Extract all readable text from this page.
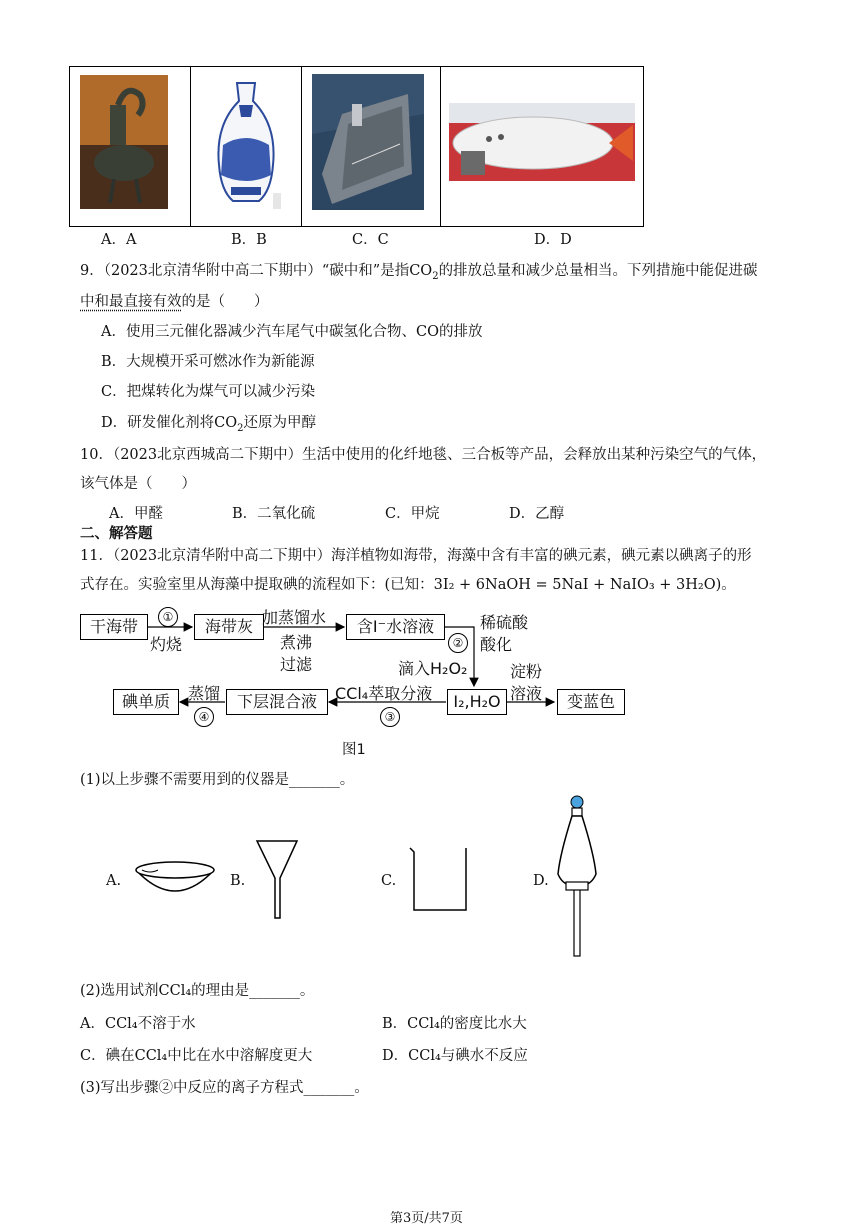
A．A	B．B	C．C	D．D
9．（2023北京清华附中高二下期中）“碳中和”是指$CO_2$的排放总量和减少总量相当。下列措施中能促进碳
中和最直接有效的是（　　）
A．使用三元催化器减少汽车尾气中碳氢化合物、CO的排放
B．大规模开采可燃冰作为新能源
C．把煤转化为煤气可以减少污染
D．研发催化剂将$CO_2$还原为甲醇
10．（2023北京西城高二下期中）生活中使用的化纤地毯、三合板等产品，会释放出某种污染空气的气体，
该气体是（　　）
A．甲醛	B．二氧化硫	C．甲烷	D．乙醇
二、解答题
11．（2023北京清华附中高二下期中）海洋植物如海带，海藻中含有丰富的碘元素，碘元素以碘离子的形
式存在。实验室里从海藻中提取碘的流程如下：(已知：3I₂ + 6NaOH = 5NaI + NaIO₃ + 3H₂O)。
干海带	海带灰	含I⁻水溶液
I₂,H₂O	变蓝色
下层混合液
碘单质
①
灼烧
加蒸馏水
煮沸
过滤
②
稀硫酸
酸化
滴入H₂O₂	淀粉
溶液
CCl₄萃取分液
③
蒸馏
④
图1
(1)以上步骤不需要用到的仪器是_______。
A.	B.	C.	D.
(2)选用试剂CCl₄的理由是_______。
A．CCl₄不溶于水	B．CCl₄的密度比水大
C．碘在CCl₄中比在水中溶解度更大	D．CCl₄与碘水不反应
(3)写出步骤②中反应的离子方程式_______。
第3页/共7页
